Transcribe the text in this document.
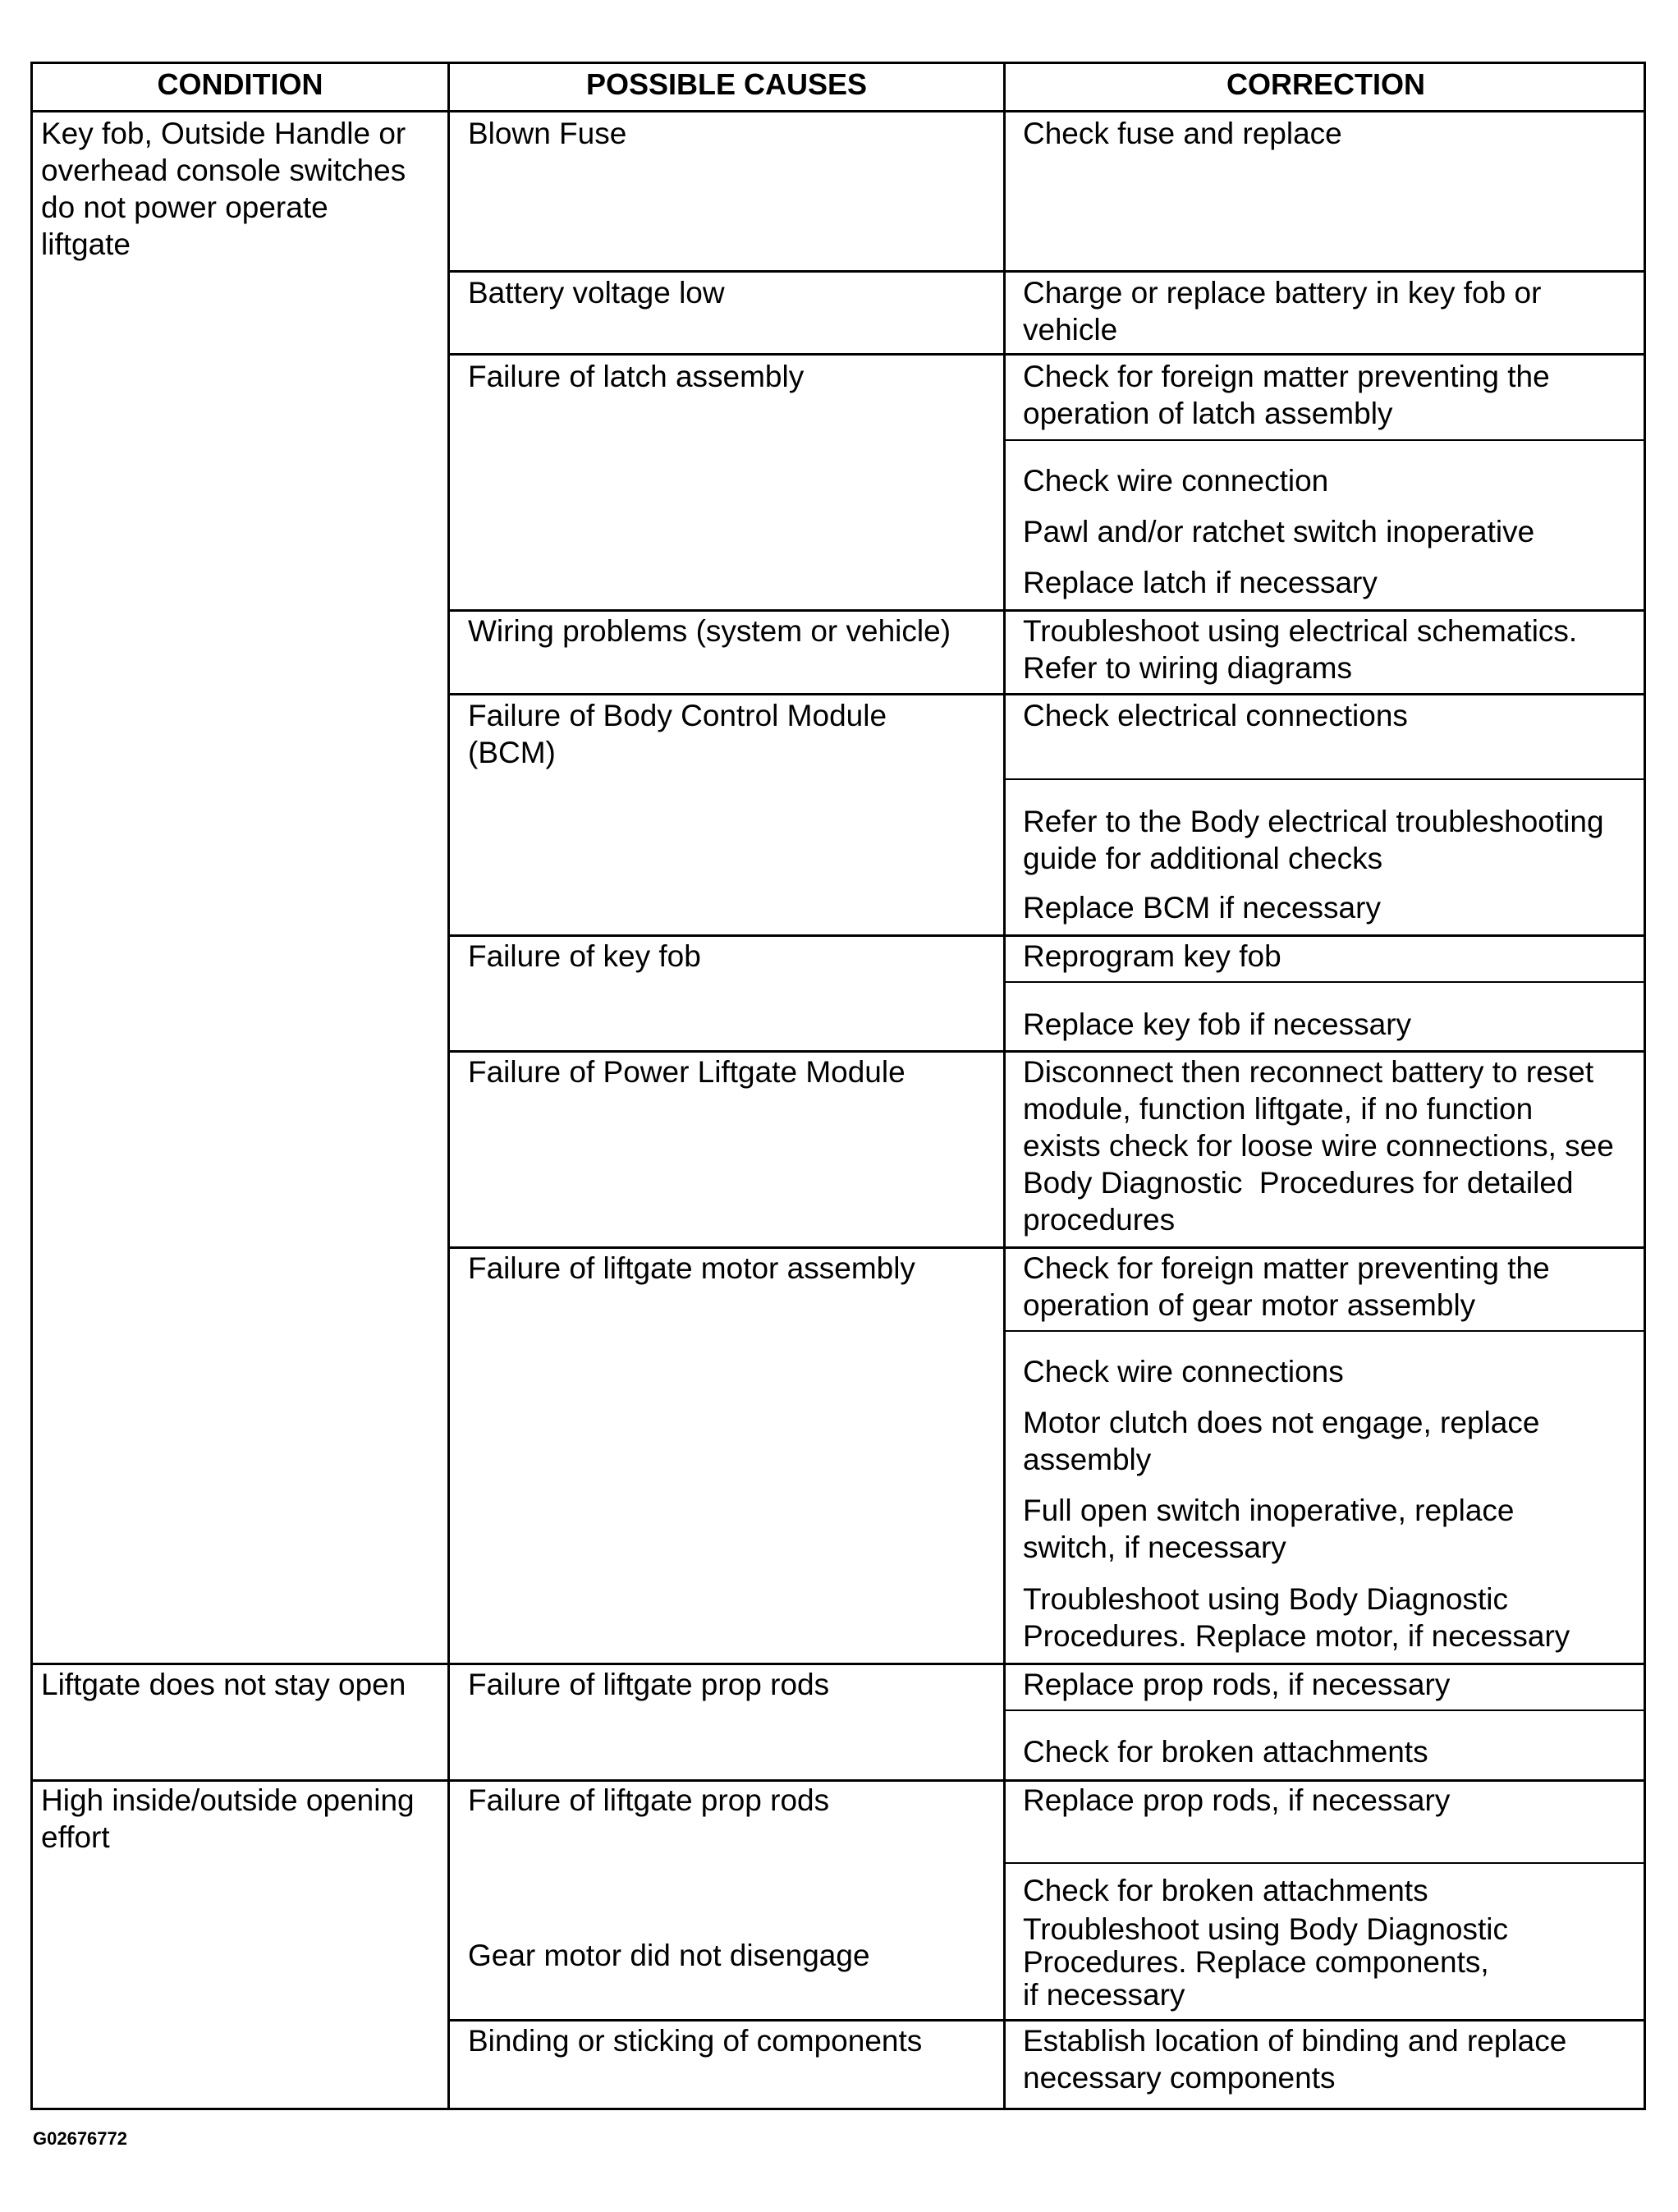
CONDITION	POSSIBLE CAUSES	CORRECTION
Key fob, Outside Handle or
overhead console switches
do not power operate
liftgate
Liftgate does not stay open
High inside/outside opening
effort
Blown Fuse
Battery voltage low
Failure of latch assembly
Wiring problems (system or vehicle)
Failure of Body Control Module
(BCM)
Failure of key fob
Failure of Power Liftgate Module
Failure of liftgate motor assembly
Failure of liftgate prop rods
Failure of liftgate prop rods
Gear motor did not disengage
Binding or sticking of components
Check fuse and replace
Charge or replace battery in key fob or
vehicle
Check for foreign matter preventing the
operation of latch assembly
Check wire connection
Pawl and/or ratchet switch inoperative
Replace latch if necessary
Troubleshoot using electrical schematics.
Refer to wiring diagrams
Check electrical connections
Refer to the Body electrical troubleshooting
guide for additional checks
Replace BCM if necessary
Reprogram key fob
Replace key fob if necessary
Disconnect then reconnect battery to reset
module, function liftgate, if no function
exists check for loose wire connections, see
Body Diagnostic  Procedures for detailed
procedures
Check for foreign matter preventing the
operation of gear motor assembly
Check wire connections
Motor clutch does not engage, replace
assembly
Full open switch inoperative, replace
switch, if necessary
Troubleshoot using Body Diagnostic
Procedures. Replace motor, if necessary
Replace prop rods, if necessary
Check for broken attachments
Replace prop rods, if necessary
Check for broken attachments
Troubleshoot using Body Diagnostic
Procedures. Replace components,
if necessary
Establish location of binding and replace
necessary components
G02676772
